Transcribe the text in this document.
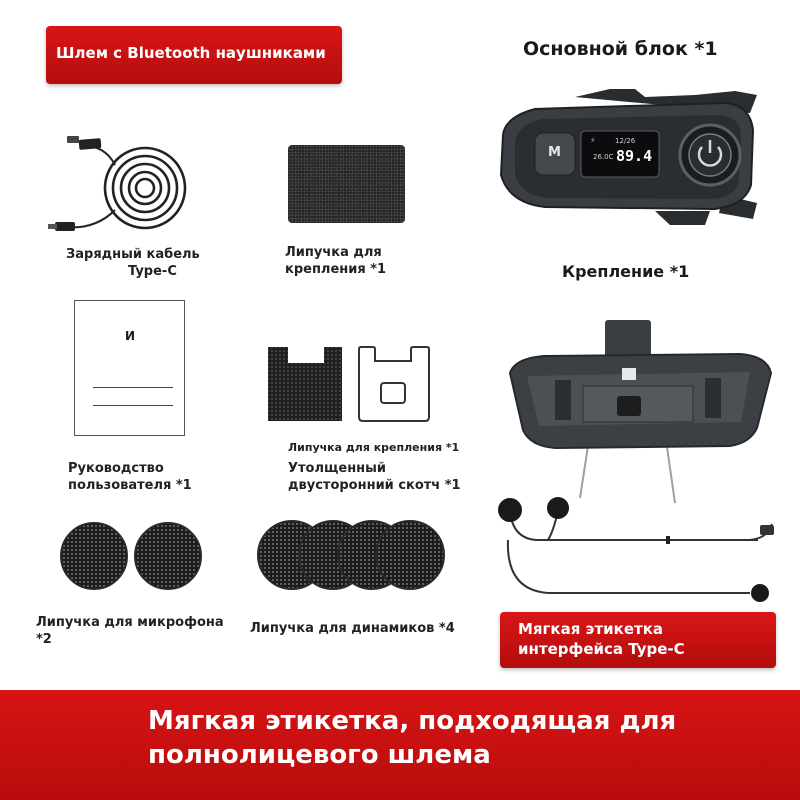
Шлем с Bluetooth наушниками	Основной блок *1
M
12/26
26.0C 89.4
⚡
Зарядный кабель
Type-C
Липучка для
крепления *1	Крепление *1
И
Руководство
пользователя *1
Липучка для крепления *1
Утолщенный
двусторонний скотч *1
Липучка для микрофона
*2
Липучка для динамиков *4	Мягкая этикетка
интерфейса Type-C
Мягкая этикетка, подходящая для
полнолицевого шлема
